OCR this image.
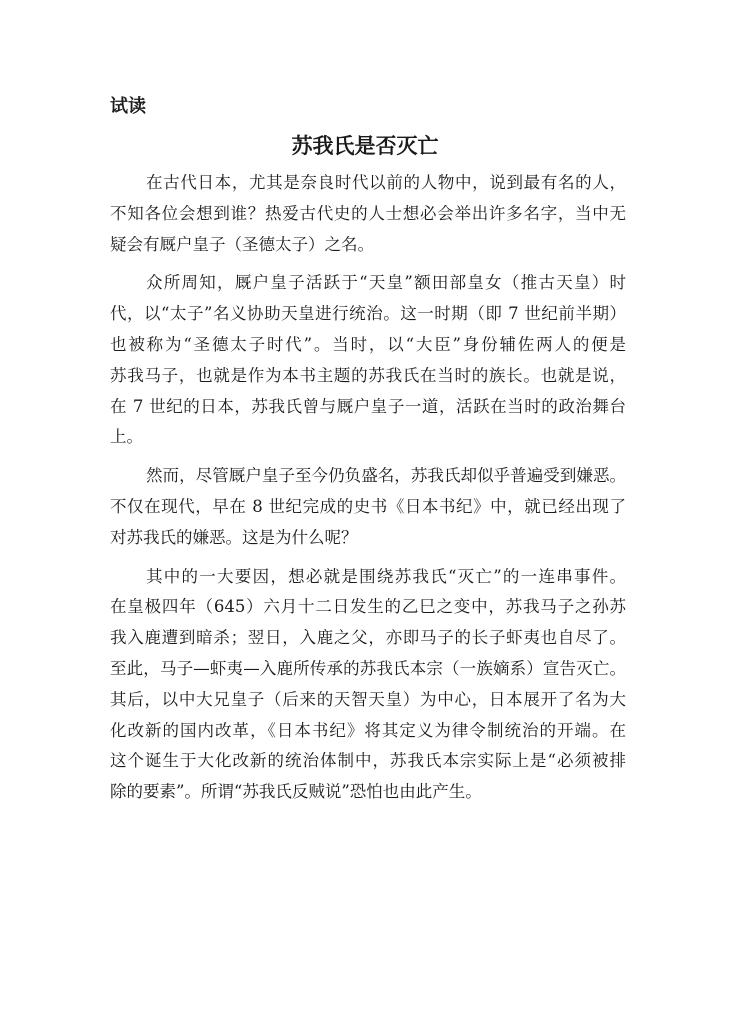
试读
苏我氏是否灭亡
在古代日本，尤其是奈良时代以前的人物中，说到最有名的人，
不知各位会想到谁？热爱古代史的人士想必会举出许多名字，当中无
疑会有厩户皇子（圣德太子）之名。
众所周知，厩户皇子活跃于“天皇”额田部皇女（推古天皇）时
代，以“太子”名义协助天皇进行统治。这一时期（即 7 世纪前半期）
也被称为“圣德太子时代”。当时，以“大臣”身份辅佐两人的便是
苏我马子，也就是作为本书主题的苏我氏在当时的族长。也就是说，
在 7 世纪的日本，苏我氏曾与厩户皇子一道，活跃在当时的政治舞台
上。
然而，尽管厩户皇子至今仍负盛名，苏我氏却似乎普遍受到嫌恶。
不仅在现代，早在 8 世纪完成的史书《日本书纪》中，就已经出现了
对苏我氏的嫌恶。这是为什么呢？
其中的一大要因，想必就是围绕苏我氏“灭亡”的一连串事件。
在皇极四年（645）六月十二日发生的乙巳之变中，苏我马子之孙苏
我入鹿遭到暗杀；翌日，入鹿之父，亦即马子的长子虾夷也自尽了。
至此，马子—虾夷—入鹿所传承的苏我氏本宗（一族嫡系）宣告灭亡。
其后，以中大兄皇子（后来的天智天皇）为中心，日本展开了名为大
化改新的国内改革，《日本书纪》将其定义为律令制统治的开端。在
这个诞生于大化改新的统治体制中，苏我氏本宗实际上是“必须被排
除的要素”。所谓“苏我氏反贼说”恐怕也由此产生。
